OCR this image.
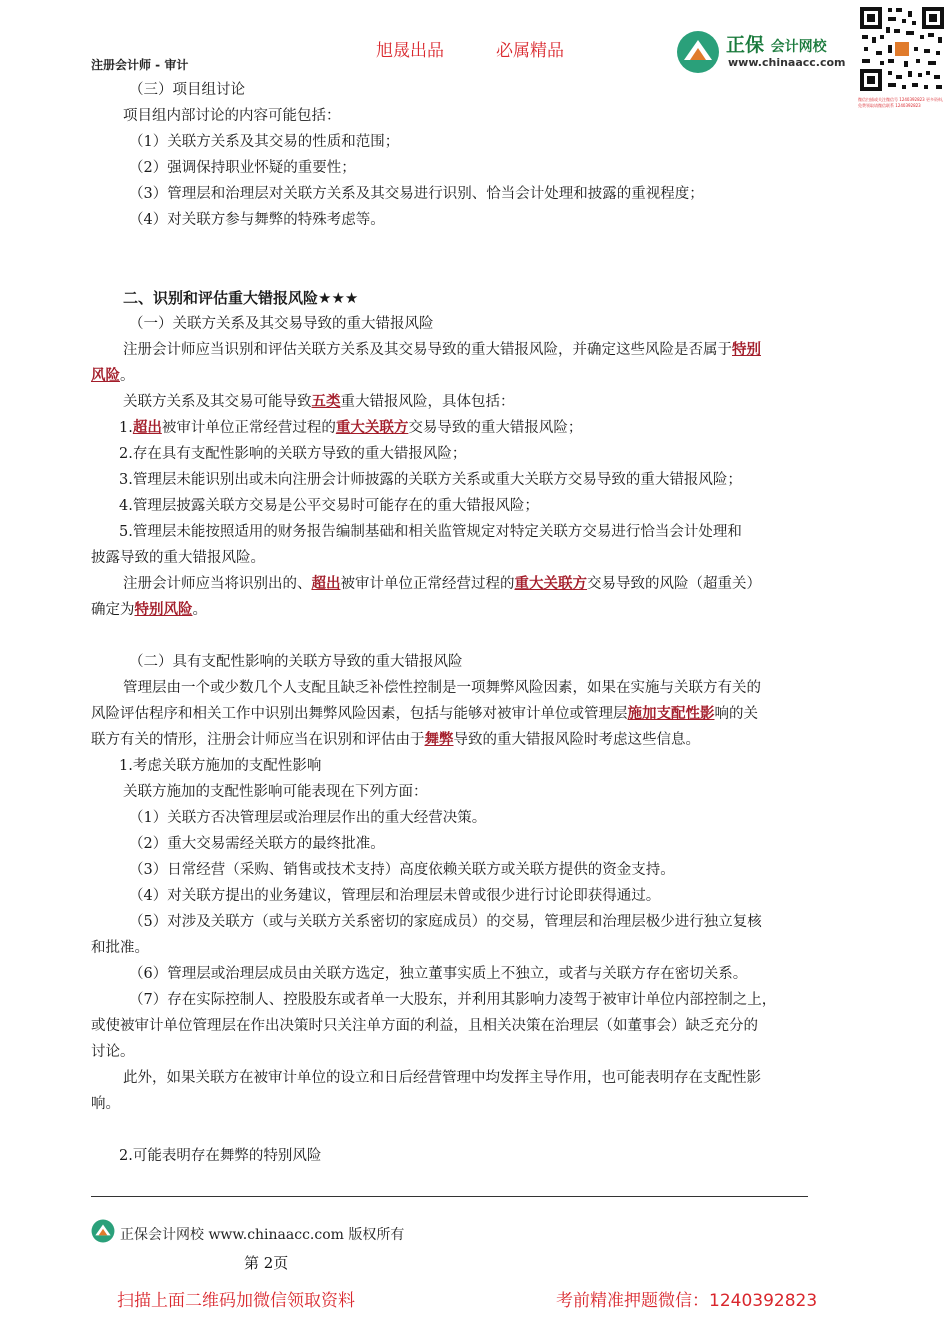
旭晟出品	必属精品
注册会计师 - 审计
正保 会计网校
www.chinaacc.com
微信扫描或关注微信号 1240392823 更多资料，免费领取请微信联系 1240392823
（三）项目组讨论
项目组内部讨论的内容可能包括：
（1）关联方关系及其交易的性质和范围；
（2）强调保持职业怀疑的重要性；
（3）管理层和治理层对关联方关系及其交易进行识别、恰当会计处理和披露的重视程度；
（4）对关联方参与舞弊的特殊考虑等。
二、识别和评估重大错报风险★★★
（一）关联方关系及其交易导致的重大错报风险
注册会计师应当识别和评估关联方关系及其交易导致的重大错报风险，并确定这些风险是否属于特别
风险。
关联方关系及其交易可能导致五类重大错报风险，具体包括：
1.超出被审计单位正常经营过程的重大关联方交易导致的重大错报风险；
2.存在具有支配性影响的关联方导致的重大错报风险；
3.管理层未能识别出或未向注册会计师披露的关联方关系或重大关联方交易导致的重大错报风险；
4.管理层披露关联方交易是公平交易时可能存在的重大错报风险；
5.管理层未能按照适用的财务报告编制基础和相关监管规定对特定关联方交易进行恰当会计处理和
披露导致的重大错报风险。
注册会计师应当将识别出的、超出被审计单位正常经营过程的重大关联方交易导致的风险（超重关）
确定为特别风险。
（二）具有支配性影响的关联方导致的重大错报风险
管理层由一个或少数几个人支配且缺乏补偿性控制是一项舞弊风险因素，如果在实施与关联方有关的
风险评估程序和相关工作中识别出舞弊风险因素，包括与能够对被审计单位或管理层施加支配性影响的关
联方有关的情形，注册会计师应当在识别和评估由于舞弊导致的重大错报风险时考虑这些信息。
1.考虑关联方施加的支配性影响
关联方施加的支配性影响可能表现在下列方面：
（1）关联方否决管理层或治理层作出的重大经营决策。
（2）重大交易需经关联方的最终批准。
（3）日常经营（采购、销售或技术支持）高度依赖关联方或关联方提供的资金支持。
（4）对关联方提出的业务建议，管理层和治理层未曾或很少进行讨论即获得通过。
（5）对涉及关联方（或与关联方关系密切的家庭成员）的交易，管理层和治理层极少进行独立复核
和批准。
（6）管理层或治理层成员由关联方选定，独立董事实质上不独立，或者与关联方存在密切关系。
（7）存在实际控制人、控股股东或者单一大股东，并利用其影响力凌驾于被审计单位内部控制之上，
或使被审计单位管理层在作出决策时只关注单方面的利益，且相关决策在治理层（如董事会）缺乏充分的
讨论。
此外，如果关联方在被审计单位的设立和日后经营管理中均发挥主导作用，也可能表明存在支配性影
响。
2.可能表明存在舞弊的特别风险
正保会计网校 www.chinaacc.com 版权所有
第 2页
扫描上面二维码加微信领取资料	考前精准押题微信：1240392823
